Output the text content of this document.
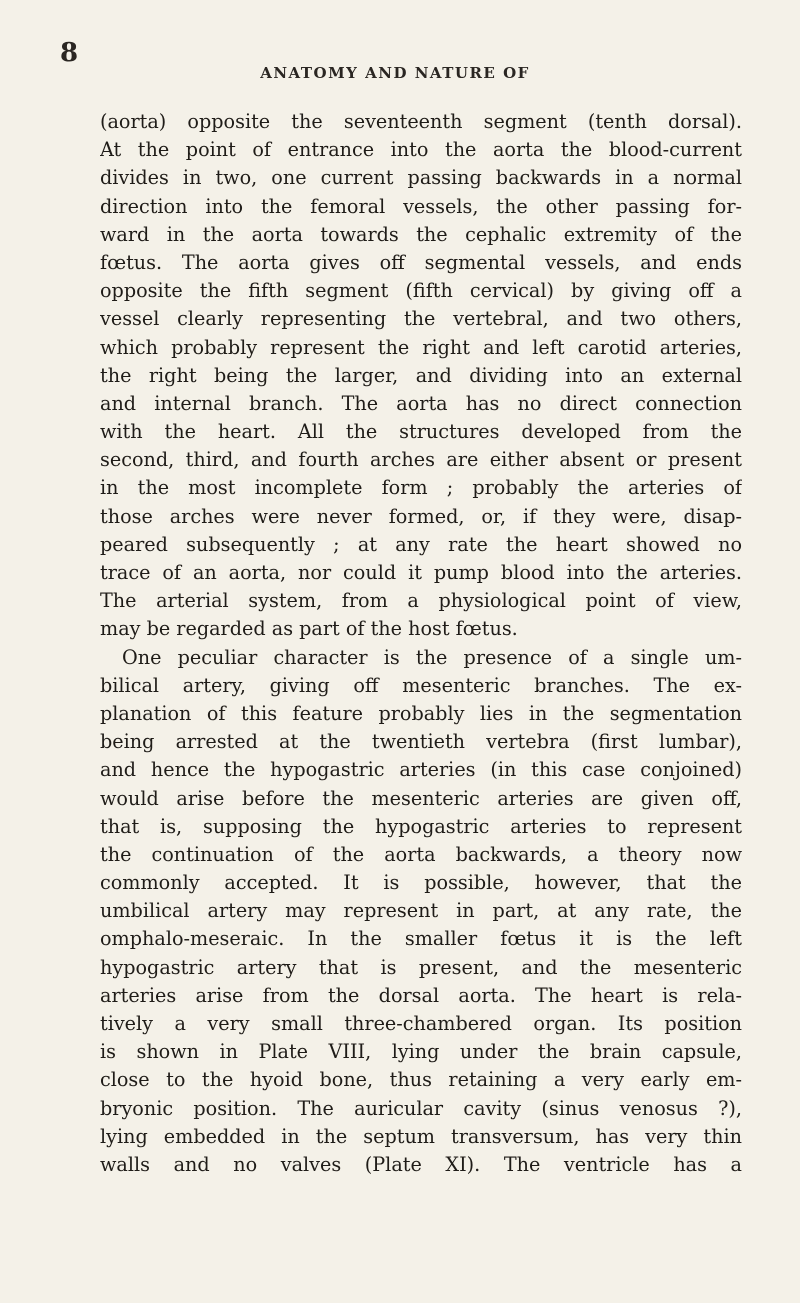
8
ANATOMY AND NATURE OF
(aorta) opposite the seventeenth segment (tenth dorsal).
At the point of entrance into the aorta the blood-current
divides in two, one current passing backwards in a normal
direction into the femoral vessels, the other passing for-
ward in the aorta towards the cephalic extremity of the
fœtus. The aorta gives off segmental vessels, and ends
opposite the fifth segment (fifth cervical) by giving off a
vessel clearly representing the vertebral, and two others,
which probably represent the right and left carotid arteries,
the right being the larger, and dividing into an external
and internal branch. The aorta has no direct connection
with the heart. All the structures developed from the
second, third, and fourth arches are either absent or present
in the most incomplete form ; probably the arteries of
those arches were never formed, or, if they were, disap-
peared subsequently ; at any rate the heart showed no
trace of an aorta, nor could it pump blood into the arteries.
The arterial system, from a physiological point of view,
may be regarded as part of the host fœtus.
One peculiar character is the presence of a single um-
bilical artery, giving off mesenteric branches. The ex-
planation of this feature probably lies in the segmentation
being arrested at the twentieth vertebra (first lumbar),
and hence the hypogastric arteries (in this case conjoined)
would arise before the mesenteric arteries are given off,
that is, supposing the hypogastric arteries to represent
the continuation of the aorta backwards, a theory now
commonly accepted. It is possible, however, that the
umbilical artery may represent in part, at any rate, the
omphalo-meseraic. In the smaller fœtus it is the left
hypogastric artery that is present, and the mesenteric
arteries arise from the dorsal aorta. The heart is rela-
tively a very small three-chambered organ. Its position
is shown in Plate VIII, lying under the brain capsule,
close to the hyoid bone, thus retaining a very early em-
bryonic position. The auricular cavity (sinus venosus ?),
lying embedded in the septum transversum, has very thin
walls and no valves (Plate XI). The ventricle has a
